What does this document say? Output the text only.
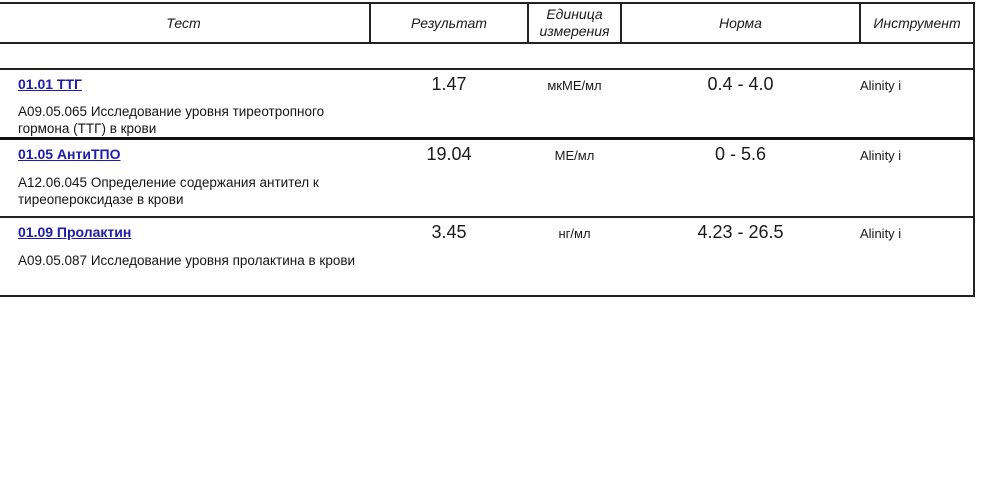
Тест	Результат	Единица измерения	Норма	Инструмент

01.01 ТТГ
A09.05.065 Исследование уровня тиреотропного гормона (ТТГ) в крови	1.47	мкМЕ/мл	0.4 - 4.0	Alinity i

01.05 АнтиТПО
A12.06.045 Определение содержания антител к тиреопероксидазе в крови	19.04	МЕ/мл	0 - 5.6	Alinity i

01.09 Пролактин
A09.05.087 Исследование уровня пролактина в крови	3.45	нг/мл	4.23 - 26.5	Alinity i
